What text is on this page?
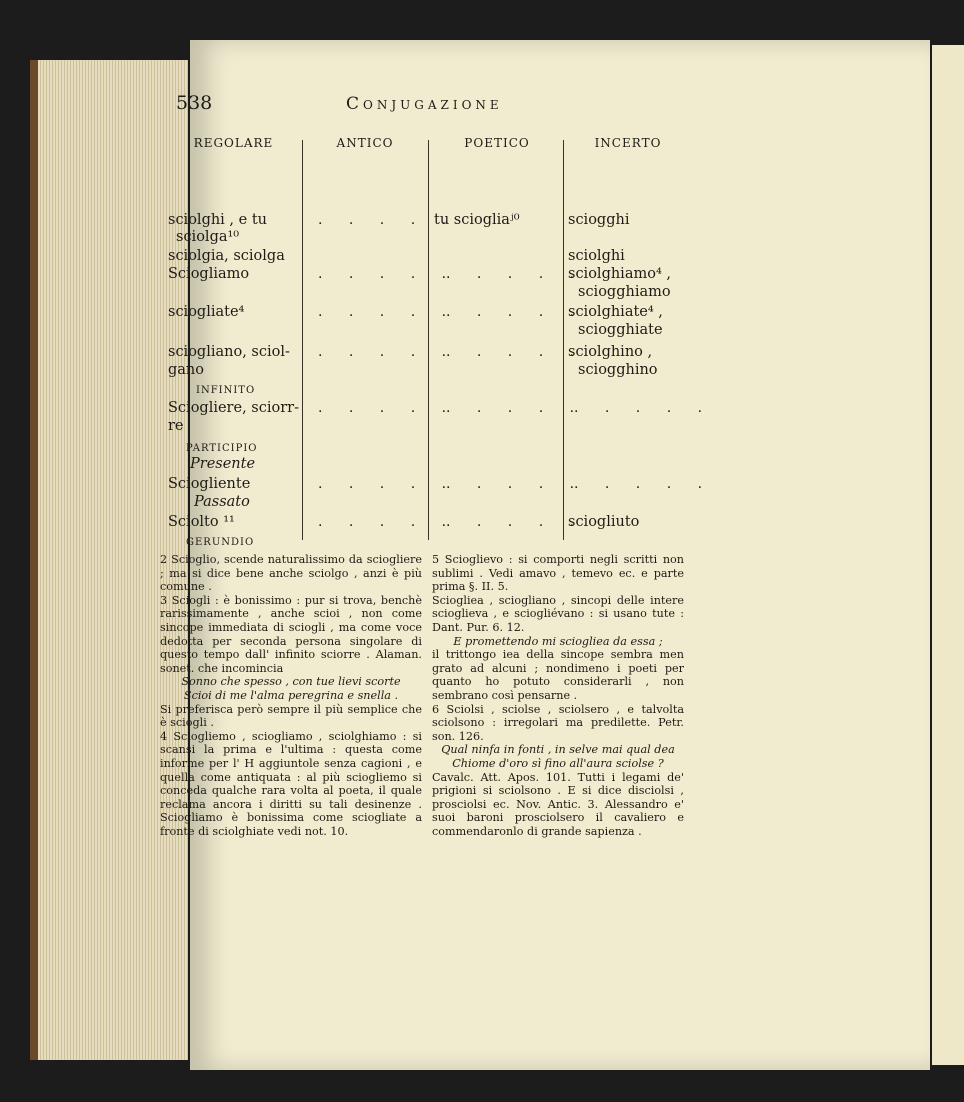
538	Conjugazione
REGOLARE
sciolghi , e tu
sciolga¹⁰
sciolgia, sciolga
Sciogliamo
sciogliate⁴
sciogliano, sciol-
gano
INFINITO
Sciogliere, sciorr-
re
PARTICIPIO
Presente
Sciogliente
Passato
Sciolto ¹¹
GERUNDIO
ANTICO
. . . . .
. . . . .
. . . . .
. . . . .
. . . . .
. . . . .
. . . . .
POETICO
tu sciogliaʲ⁰
. . . . .
. . . . .
. . . . .
. . . . .
. . . . .
. . . . .
INCERTO
sciogghi
sciolghi
sciolghiamo⁴ ,
sciogghiamo
sciolghiate⁴ ,
sciogghiate
sciolghino ,
sciogghino
. . . . .
. . . . .
sciogliuto

2 Scioglio, scende naturalissimo da sciogliere ; ma si dice bene anche sciolgo , anzi è più comune .

3 Sciogli : è bonissimo : pur si trova, benchè rarissimamente , anche scioi , non come sincope immediata di sciogli , ma come voce dedotta per seconda persona singolare di questo tempo dall' infinito sciorre . Alaman. sonet. che incomincia

Sonno che spesso , con tue lievi scorte

Scioi di me l'alma peregrina e snella .

Si preferisca però sempre il più semplice che è sciogli .

4 Sciogliemo , sciogliamo , sciolghiamo : si scansi la prima e l'ultima : questa come informe per l' H aggiuntole senza cagioni , e quella come antiquata : al più sciogliemo si conceda qualche rara volta al poeta, il quale reclama ancora i diritti su tali desinenze . Sciogliamo è bonissima come sciogliate a fronte di sciolghiate vedi not. 10.

5 Scioglievo : si comporti negli scritti non sublimi . Vedi amavo , temevo ec. e parte prima §. II. 5.

Sciogliea , sciogliano , sincopi delle intere scioglieva , e sciogliévano : si usano tute : Dant. Pur. 6. 12.

E promettendo mi sciogliea da essa ;

il trittongo iea della sincope sembra men grato ad alcuni ; nondimeno i poeti per quanto ho potuto considerarli , non sembrano così pensarne .

6 Sciolsi , sciolse , sciolsero , e talvolta sciolsono : irregolari ma predilette. Petr. son. 126.

Qual ninfa in fonti , in selve mai qual dea

Chiome d'oro sì fino all'aura sciolse ?

Cavalc. Att. Apos. 101. Tutti i legami de' prigioni si sciolsono . E si dice disciolsi , prosciolsi ec. Nov. Antic. 3. Alessandro e' suoi baroni prosciolsero il cavaliero e commendaronlo di grande sapienza .
